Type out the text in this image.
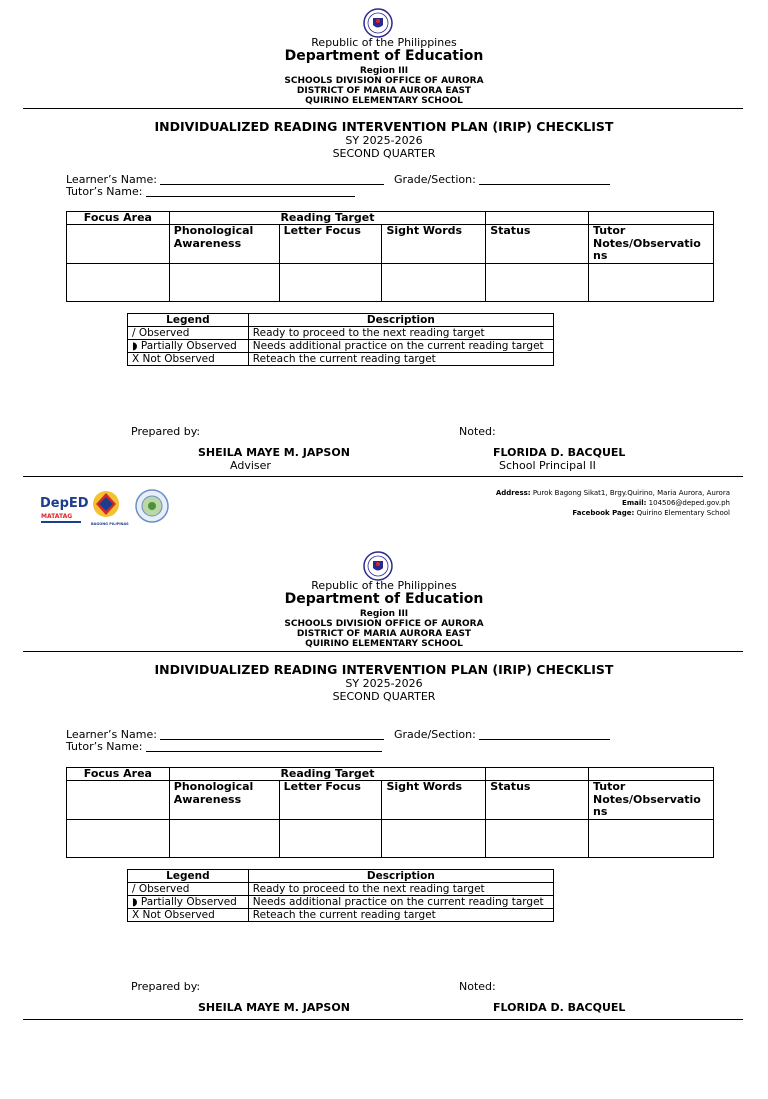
Republic of the Philippines
Department of Education
Region III
SCHOOLS DIVISION OFFICE OF AURORA
DISTRICT OF MARIA AURORA EAST
QUIRINO ELEMENTARY SCHOOL
INDIVIDUALIZED READING INTERVENTION PLAN (IRIP) CHECKLIST
SY 2025-2026
SECOND QUARTER
Learner’s Name:	Grade/Section:
Tutor’s Name:
Focus Area	Reading Target				
	Phonological Awareness	Letter Focus	Sight Words	Status	Tutor Notes/Observatio ns

Legend	Description
/ Observed	Ready to proceed to the next reading target
◗ Partially Observed	Needs additional practice on the current reading target
X Not Observed	Reteach the current reading target
Prepared by:	Noted:
SHEILA MAYE M. JAPSON
Adviser
FLORIDA D. BACQUEL
School Principal II
DepED
MATATAG
BAGONG PILIPINAS
Address: Purok Bagong Sikat1, Brgy.Quirino, Maria Aurora, Aurora
Email: 104506@deped.gov.ph
Facebook Page: Quirino Elementary School
Republic of the Philippines
Department of Education
Region III
SCHOOLS DIVISION OFFICE OF AURORA
DISTRICT OF MARIA AURORA EAST
QUIRINO ELEMENTARY SCHOOL
INDIVIDUALIZED READING INTERVENTION PLAN (IRIP) CHECKLIST
SY 2025-2026
SECOND QUARTER
Learner’s Name:	Grade/Section:
Tutor’s Name:
Focus Area	Reading Target				
	Phonological Awareness	Letter Focus	Sight Words	Status	Tutor Notes/Observatio ns

Legend	Description
/ Observed	Ready to proceed to the next reading target
◗ Partially Observed	Needs additional practice on the current reading target
X Not Observed	Reteach the current reading target
Prepared by:	Noted:
SHEILA MAYE M. JAPSON	FLORIDA D. BACQUEL
